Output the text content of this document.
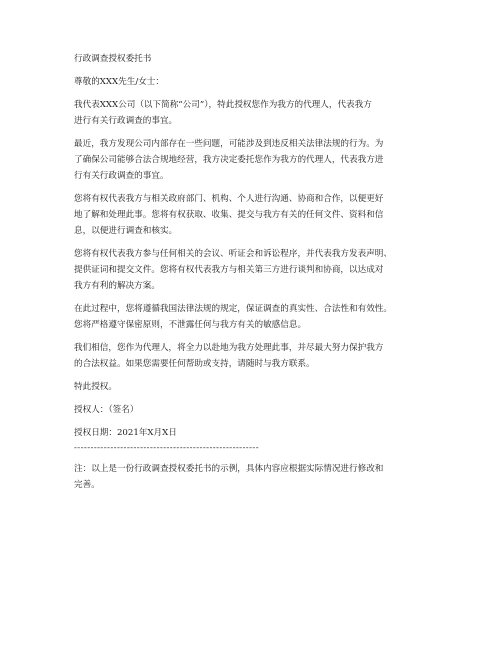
行政调查授权委托书

尊敬的XXX先生/女士：

我代表XXX公司（以下简称“公司”），特此授权您作为我方的代理人，代表我方
进行有关行政调查的事宜。
最近，我方发现公司内部存在一些问题，可能涉及到违反相关法律法规的行为。为
了确保公司能够合法合规地经营，我方决定委托您作为我方的代理人，代表我方进
行有关行政调查的事宜。
您将有权代表我方与相关政府部门、机构、个人进行沟通、协商和合作，以便更好
地了解和处理此事。您将有权获取、收集、提交与我方有关的任何文件、资料和信
息，以便进行调查和核实。
您将有权代表我方参与任何相关的会议、听证会和诉讼程序，并代表我方发表声明、
提供证词和提交文件。您将有权代表我方与相关第三方进行谈判和协商，以达成对
我方有利的解决方案。
在此过程中，您将遵循我国法律法规的规定，保证调查的真实性、合法性和有效性。
您将严格遵守保密原则，不泄露任何与我方有关的敏感信息。
我们相信，您作为代理人，将全力以赴地为我方处理此事，并尽最大努力保护我方
的合法权益。如果您需要任何帮助或支持，请随时与我方联系。

特此授权。

授权人：（签名）

授权日期：2021年X月X日

--------------------------------------------------------
注：以上是一份行政调查授权委托书的示例，具体内容应根据实际情况进行修改和
完善。
